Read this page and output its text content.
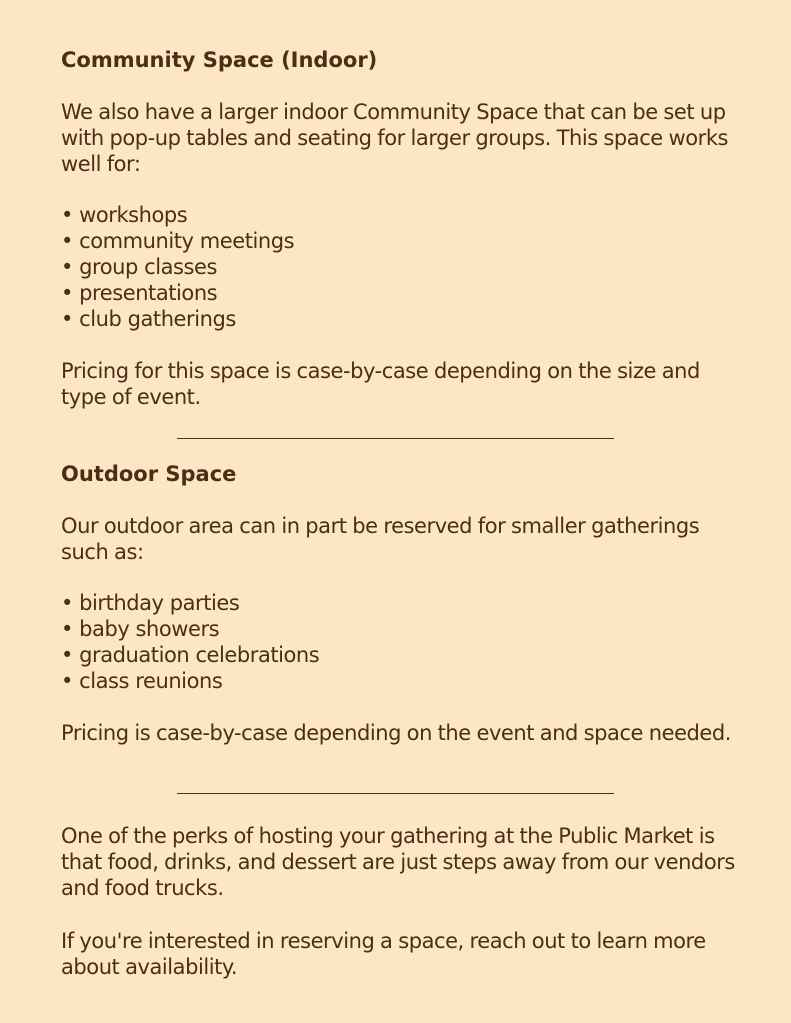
Community Space (Indoor)

We also have a larger indoor Community Space that can be set up with pop-up tables and seating for larger groups. This space works well for:

• workshops
• community meetings
• group classes
• presentations
• club gatherings

Pricing for this space is case-by-case depending on the size and type of event.

Outdoor Space

Our outdoor area can in part be reserved for smaller gatherings such as:

• birthday parties
• baby showers
• graduation celebrations
• class reunions

Pricing is case-by-case depending on the event and space needed.

One of the perks of hosting your gathering at the Public Market is that food, drinks, and dessert are just steps away from our vendors and food trucks.

If you're interested in reserving a space, reach out to learn more about availability.
